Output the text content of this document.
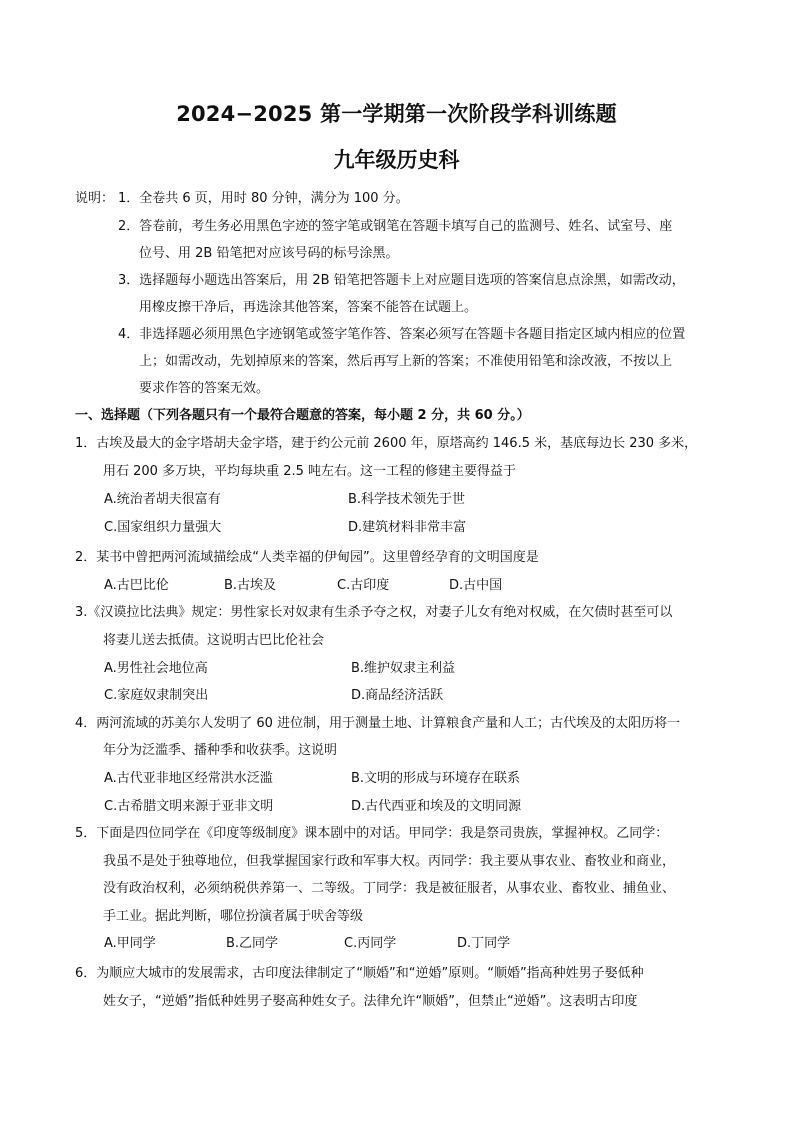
2024−2025 第一学期第一次阶段学科训练题
九年级历史科
说明： 1．全卷共 6 页，用时 80 分钟，满分为 100 分。
2．答卷前，考生务必用黑色字迹的签字笔或钢笔在答题卡填写自己的监测号、姓名、试室号、座
位号、用 2B 铅笔把对应该号码的标号涂黑。
3．选择题每小题选出答案后，用 2B 铅笔把答题卡上对应题目选项的答案信息点涂黑，如需改动，
用橡皮擦干净后，再选涂其他答案，答案不能答在试题上。
4．非选择题必须用黑色字迹钢笔或签字笔作答、答案必须写在答题卡各题目指定区域内相应的位置
上；如需改动，先划掉原来的答案，然后再写上新的答案；不准使用铅笔和涂改液，不按以上
要求作答的答案无效。
一、选择题（下列各题只有一个最符合题意的答案，每小题 2 分，共 60 分。）
1．古埃及最大的金字塔胡夫金字塔，建于约公元前 2600 年，原塔高约 146.5 米，基底每边长 230 多米，
用石 200 多万块，平均每块重 2.5 吨左右。这一工程的修建主要得益于
A.统治者胡夫很富有	B.科学技术领先于世
C.国家组织力量强大	D.建筑材料非常丰富
2．某书中曾把两河流域描绘成“人类幸福的伊甸园”。这里曾经孕育的文明国度是
A.古巴比伦	B.古埃及	C.古印度	D.古中国
3.《汉谟拉比法典》规定：男性家长对奴隶有生杀予夺之权，对妻子儿女有绝对权威，在欠债时甚至可以
将妻儿送去抵债。这说明古巴比伦社会
A.男性社会地位高	B.维护奴隶主利益
C.家庭奴隶制突出	D.商品经济活跃
4．两河流域的苏美尔人发明了 60 进位制，用于测量土地、计算粮食产量和人工；古代埃及的太阳历将一
年分为泛滥季、播种季和收获季。这说明
A.古代亚非地区经常洪水泛滥	B.文明的形成与环境存在联系
C.古希腊文明来源于亚非文明	D.古代西亚和埃及的文明同源
5．下面是四位同学在《印度等级制度》课本剧中的对话。甲同学：我是祭司贵族，掌握神权。乙同学：
我虽不是处于独尊地位，但我掌握国家行政和军事大权。丙同学：我主要从事农业、畜牧业和商业，
没有政治权利，必须纳税供养第一、二等级。丁同学：我是被征服者，从事农业、畜牧业、捕鱼业、
手工业。据此判断，哪位扮演者属于吠舍等级
A.甲同学	B.乙同学	C.丙同学	D.丁同学
6．为顺应大城市的发展需求，古印度法律制定了“顺婚”和“逆婚”原则。“顺婚”指高种姓男子娶低种
姓女子，“逆婚”指低种姓男子娶高种姓女子。法律允许“顺婚”，但禁止“逆婚”。这表明古印度
